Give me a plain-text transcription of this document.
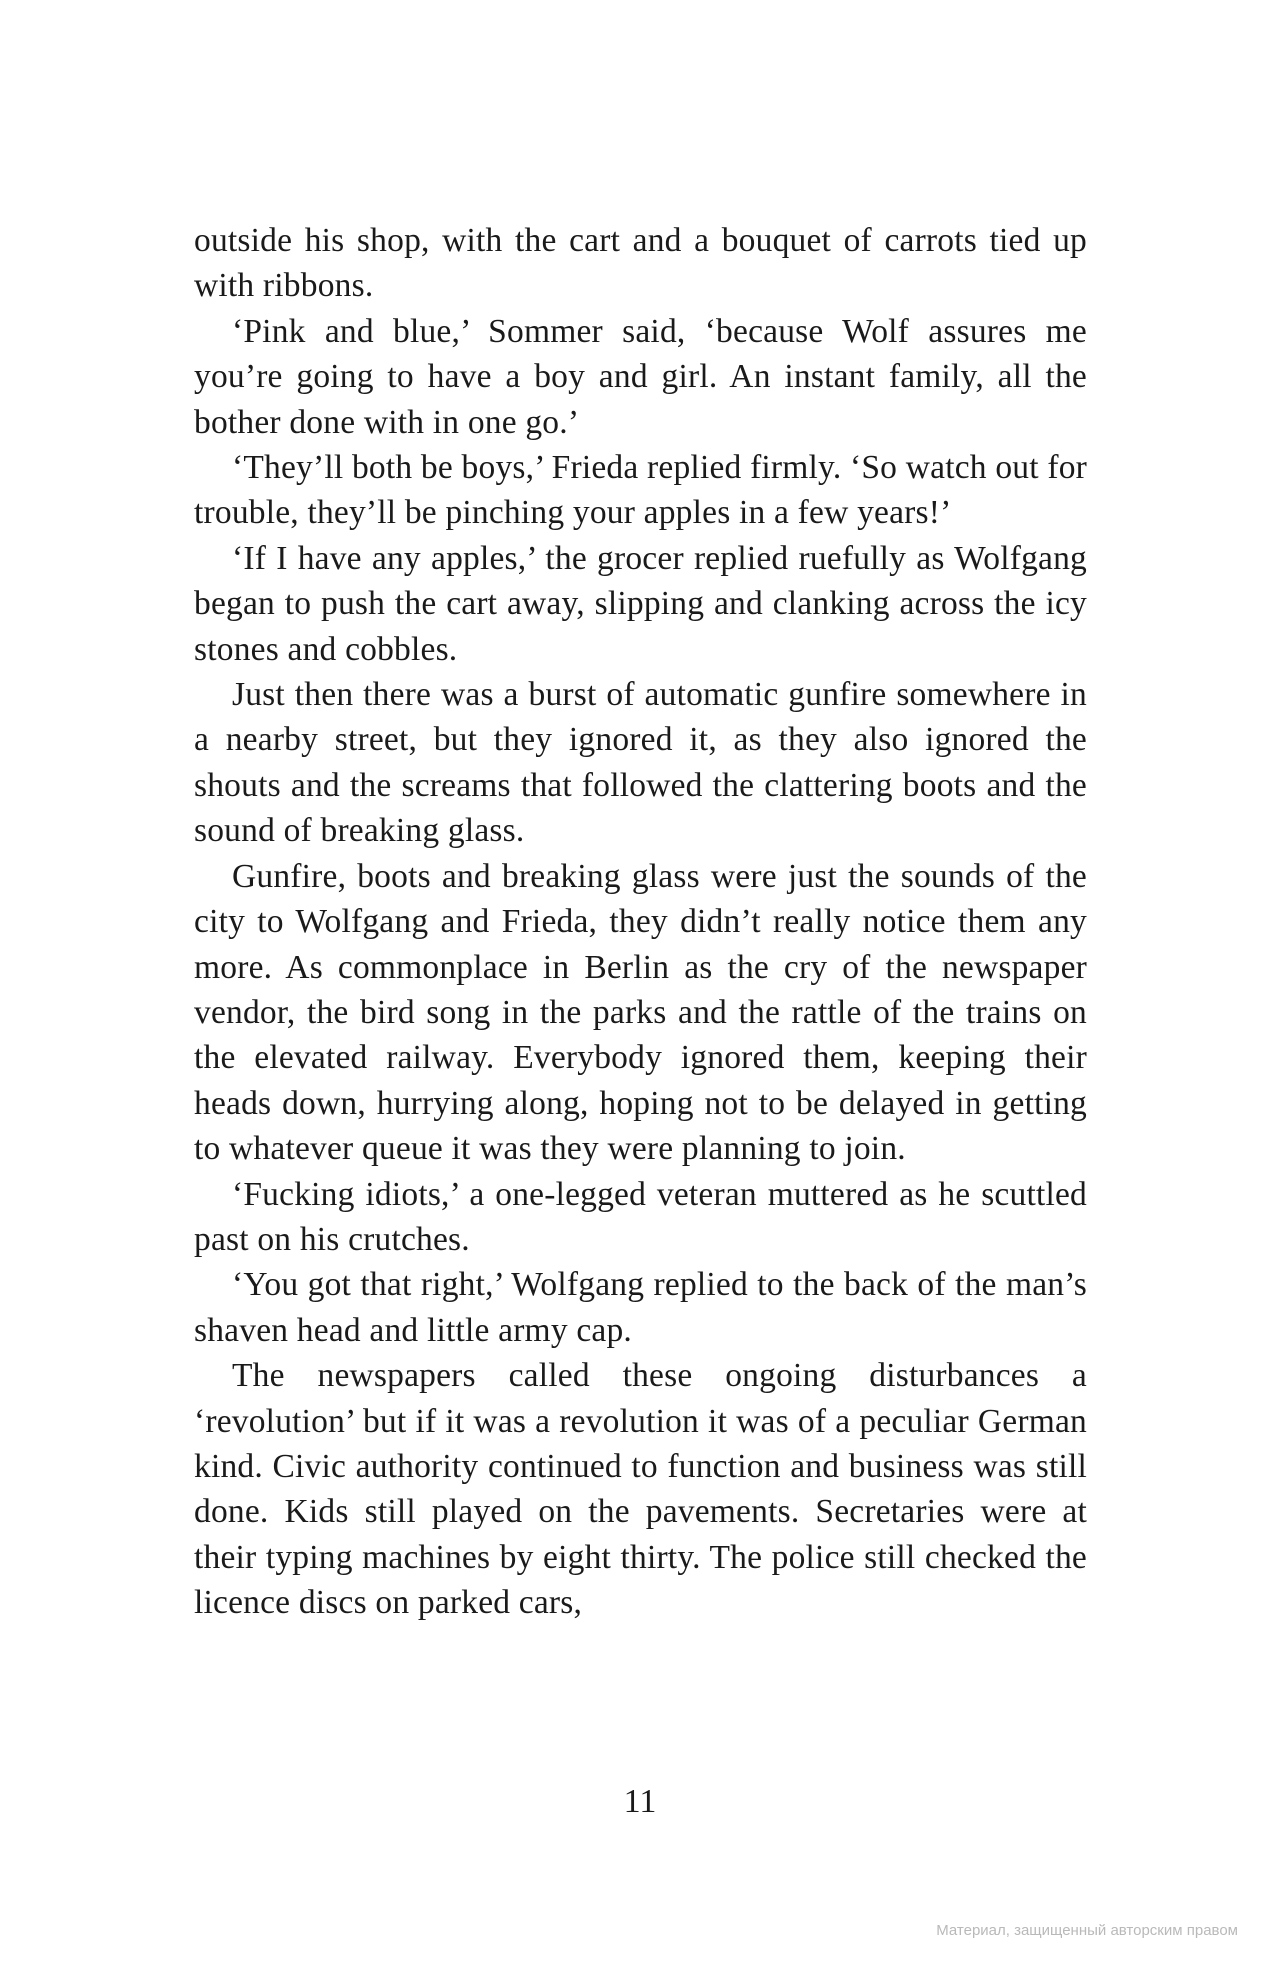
outside his shop, with the cart and a bouquet of carrots tied up with ribbons.

‘Pink and blue,’ Sommer said, ‘because Wolf assures me you’re going to have a boy and girl. An instant family, all the bother done with in one go.’

‘They’ll both be boys,’ Frieda replied firmly. ‘So watch out for trouble, they’ll be pinching your apples in a few years!’

‘If I have any apples,’ the grocer replied ruefully as Wolfgang began to push the cart away, slipping and clanking across the icy stones and cobbles.

Just then there was a burst of automatic gunfire somewhere in a nearby street, but they ignored it, as they also ignored the shouts and the screams that followed the clattering boots and the sound of breaking glass.

Gunfire, boots and breaking glass were just the sounds of the city to Wolfgang and Frieda, they didn’t really notice them any more. As commonplace in Berlin as the cry of the newspaper vendor, the bird song in the parks and the rattle of the trains on the elevated railway. Everybody ignored them, keeping their heads down, hurrying along, hoping not to be delayed in getting to whatever queue it was they were planning to join.

‘Fucking idiots,’ a one-legged veteran muttered as he scuttled past on his crutches.

‘You got that right,’ Wolfgang replied to the back of the man’s shaven head and little army cap.

The newspapers called these ongoing disturbances a ‘revolution’ but if it was a revolution it was of a peculiar German kind. Civic authority continued to function and business was still done. Kids still played on the pavements. Secretaries were at their typing machines by eight thirty. The police still checked the licence discs on parked cars,

11
Материал, защищенный авторским правом
